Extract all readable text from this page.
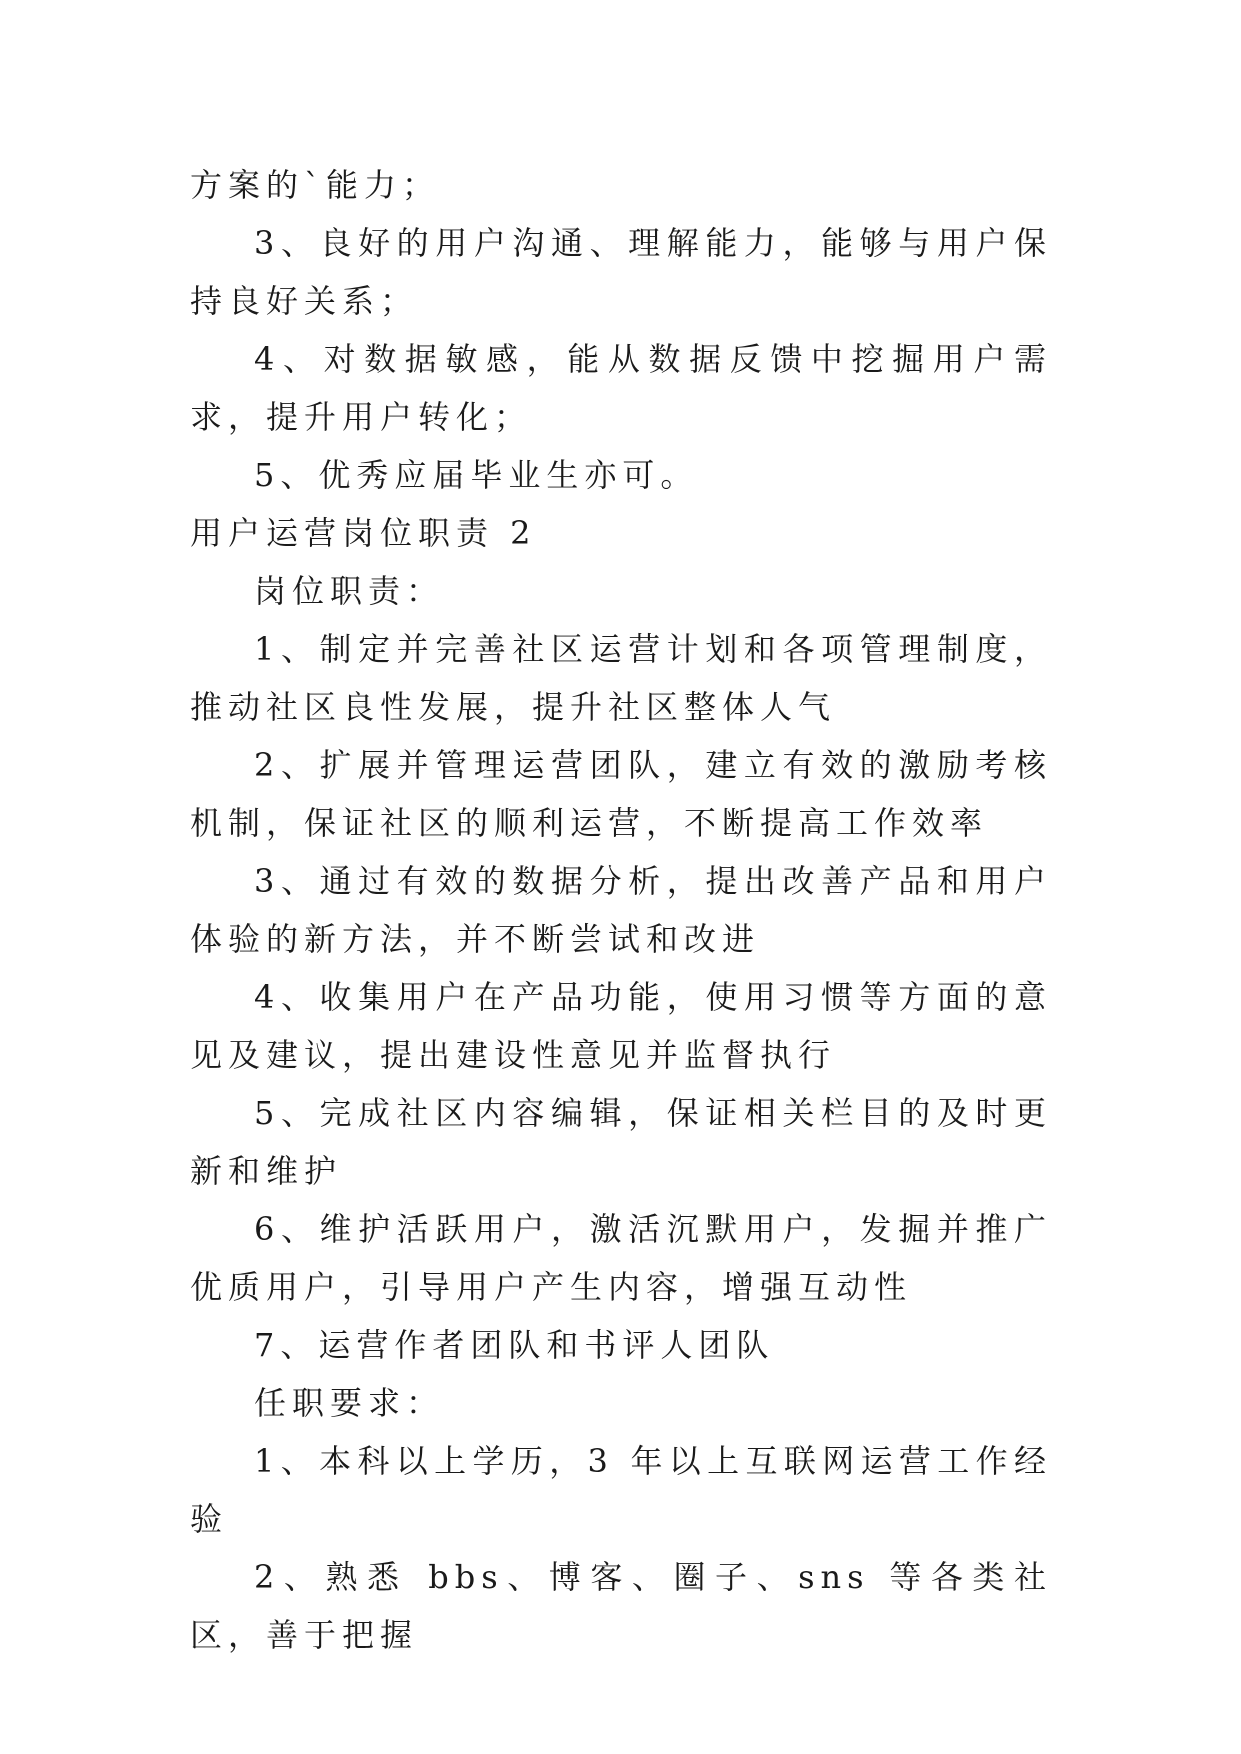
方案的`能力；

3、良好的用户沟通、理解能力，能够与用户保持良好关系；

4、对数据敏感，能从数据反馈中挖掘用户需求，提升用户转化；

5、优秀应届毕业生亦可。

用户运营岗位职责 2

岗位职责：

1、制定并完善社区运营计划和各项管理制度，推动社区良性发展，提升社区整体人气

2、扩展并管理运营团队，建立有效的激励考核机制，保证社区的顺利运营，不断提高工作效率

3、通过有效的数据分析，提出改善产品和用户体验的新方法，并不断尝试和改进

4、收集用户在产品功能，使用习惯等方面的意见及建议，提出建设性意见并监督执行

5、完成社区内容编辑，保证相关栏目的及时更新和维护

6、维护活跃用户，激活沉默用户，发掘并推广优质用户，引导用户产生内容，增强互动性

7、运营作者团队和书评人团队

任职要求：

1、本科以上学历，3 年以上互联网运营工作经验

2、熟悉 bbs、博客、圈子、sns 等各类社区，善于把握
